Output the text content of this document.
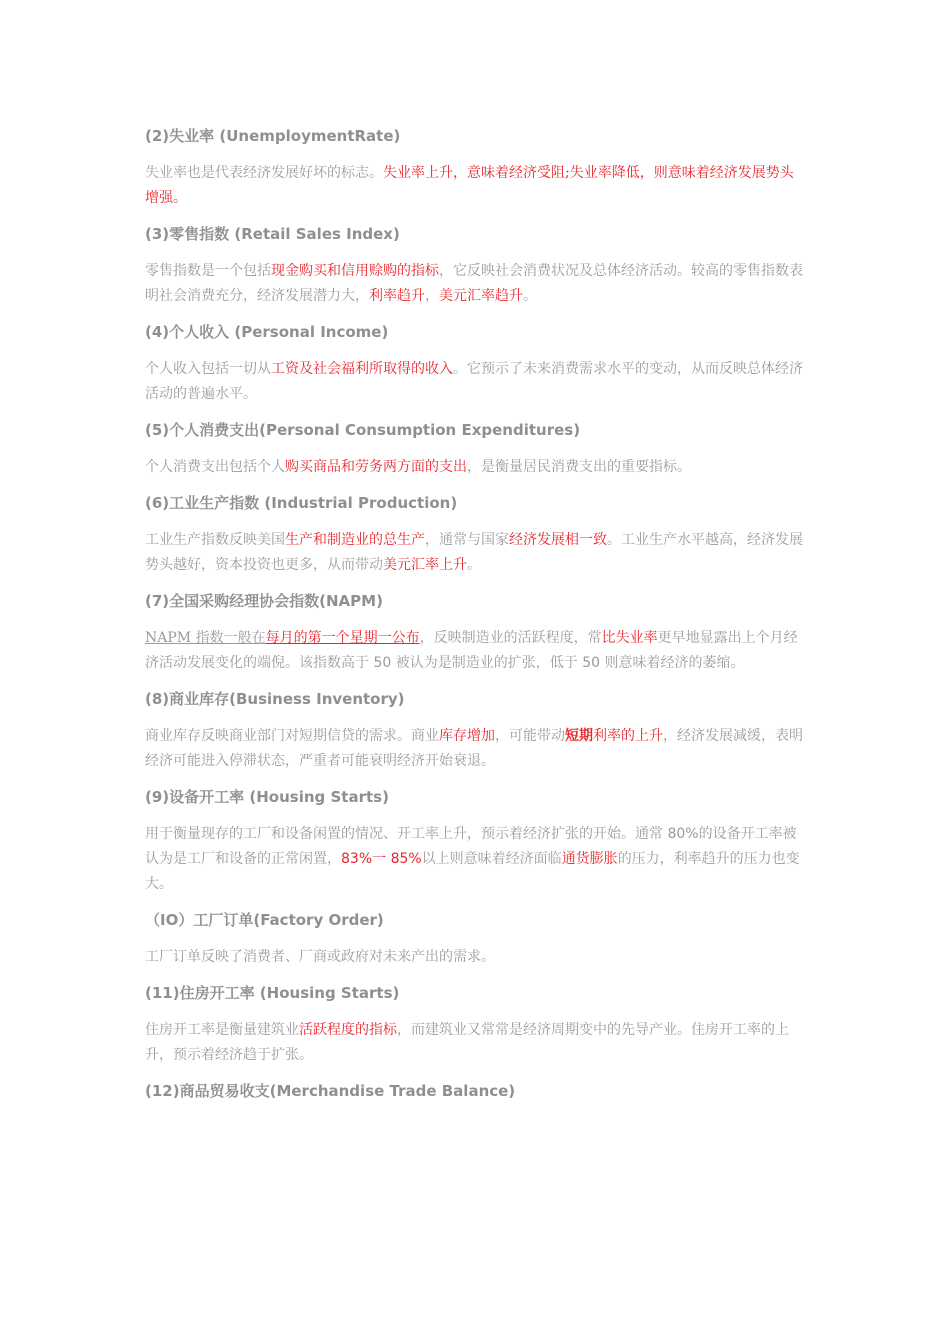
(2)失业率 (UnemploymentRate)

失业率也是代表经济发展好坏的标志。失业率上升，意味着经济受阻;失业率降低，则意味着经济发展势头增强。

(3)零售指数 (Retail Sales Index)

零售指数是一个包括现金购买和信用赊购的指标，它反映社会消费状况及总体经济活动。较高的零售指数表明社会消费充分，经济发展潜力大，利率趋升，美元汇率趋升。

(4)个人收入 (Personal Income)

个人收入包括一切从工资及社会福利所取得的收入。它预示了未来消费需求水平的变动，从而反映总体经济活动的普遍水平。

(5)个人消费支出(Personal Consumption Expenditures)

个人消费支出包括个人购买商品和劳务两方面的支出，是衡量居民消费支出的重要指标。

(6)工业生产指数 (Industrial Production)

工业生产指数反映美国生产和制造业的总生产，通常与国家经济发展相一致。工业生产水平越高，经济发展势头越好，资本投资也更多，从而带动美元汇率上升。

(7)全国采购经理协会指数(NAPM)

NAPM 指数一般在每月的第一个星期一公布，反映制造业的活跃程度，常比失业率更早地显露出上个月经济活动发展变化的端倪。该指数高于 50 被认为是制造业的扩张，低于 50 则意味着经济的萎缩。

(8)商业库存(Business Inventory)

商业库存反映商业部门对短期信贷的需求。商业库存增加，可能带动短期利率的上升，经济发展减缓，表明经济可能进入停滞状态，严重者可能衰明经济开始衰退。

(9)设备开工率 (Housing Starts)

用于衡量现存的工厂和设备闲置的情况、开工率上升，预示着经济扩张的开始。通常 80%的设备开工率被认为是工厂和设备的正常闲置，83%一 85%以上则意味着经济面临通货膨胀的压力，利率趋升的压力也变大。

（IO）工厂订单(Factory Order)

工厂订单反映了消费者、厂商或政府对未来产出的需求。

(11)住房开工率 (Housing Starts)

住房开工率是衡量建筑业活跃程度的指标，而建筑业又常常是经济周期变中的先导产业。住房开工率的上升，预示着经济趋于扩张。

(12)商品贸易收支(Merchandise Trade Balance)
